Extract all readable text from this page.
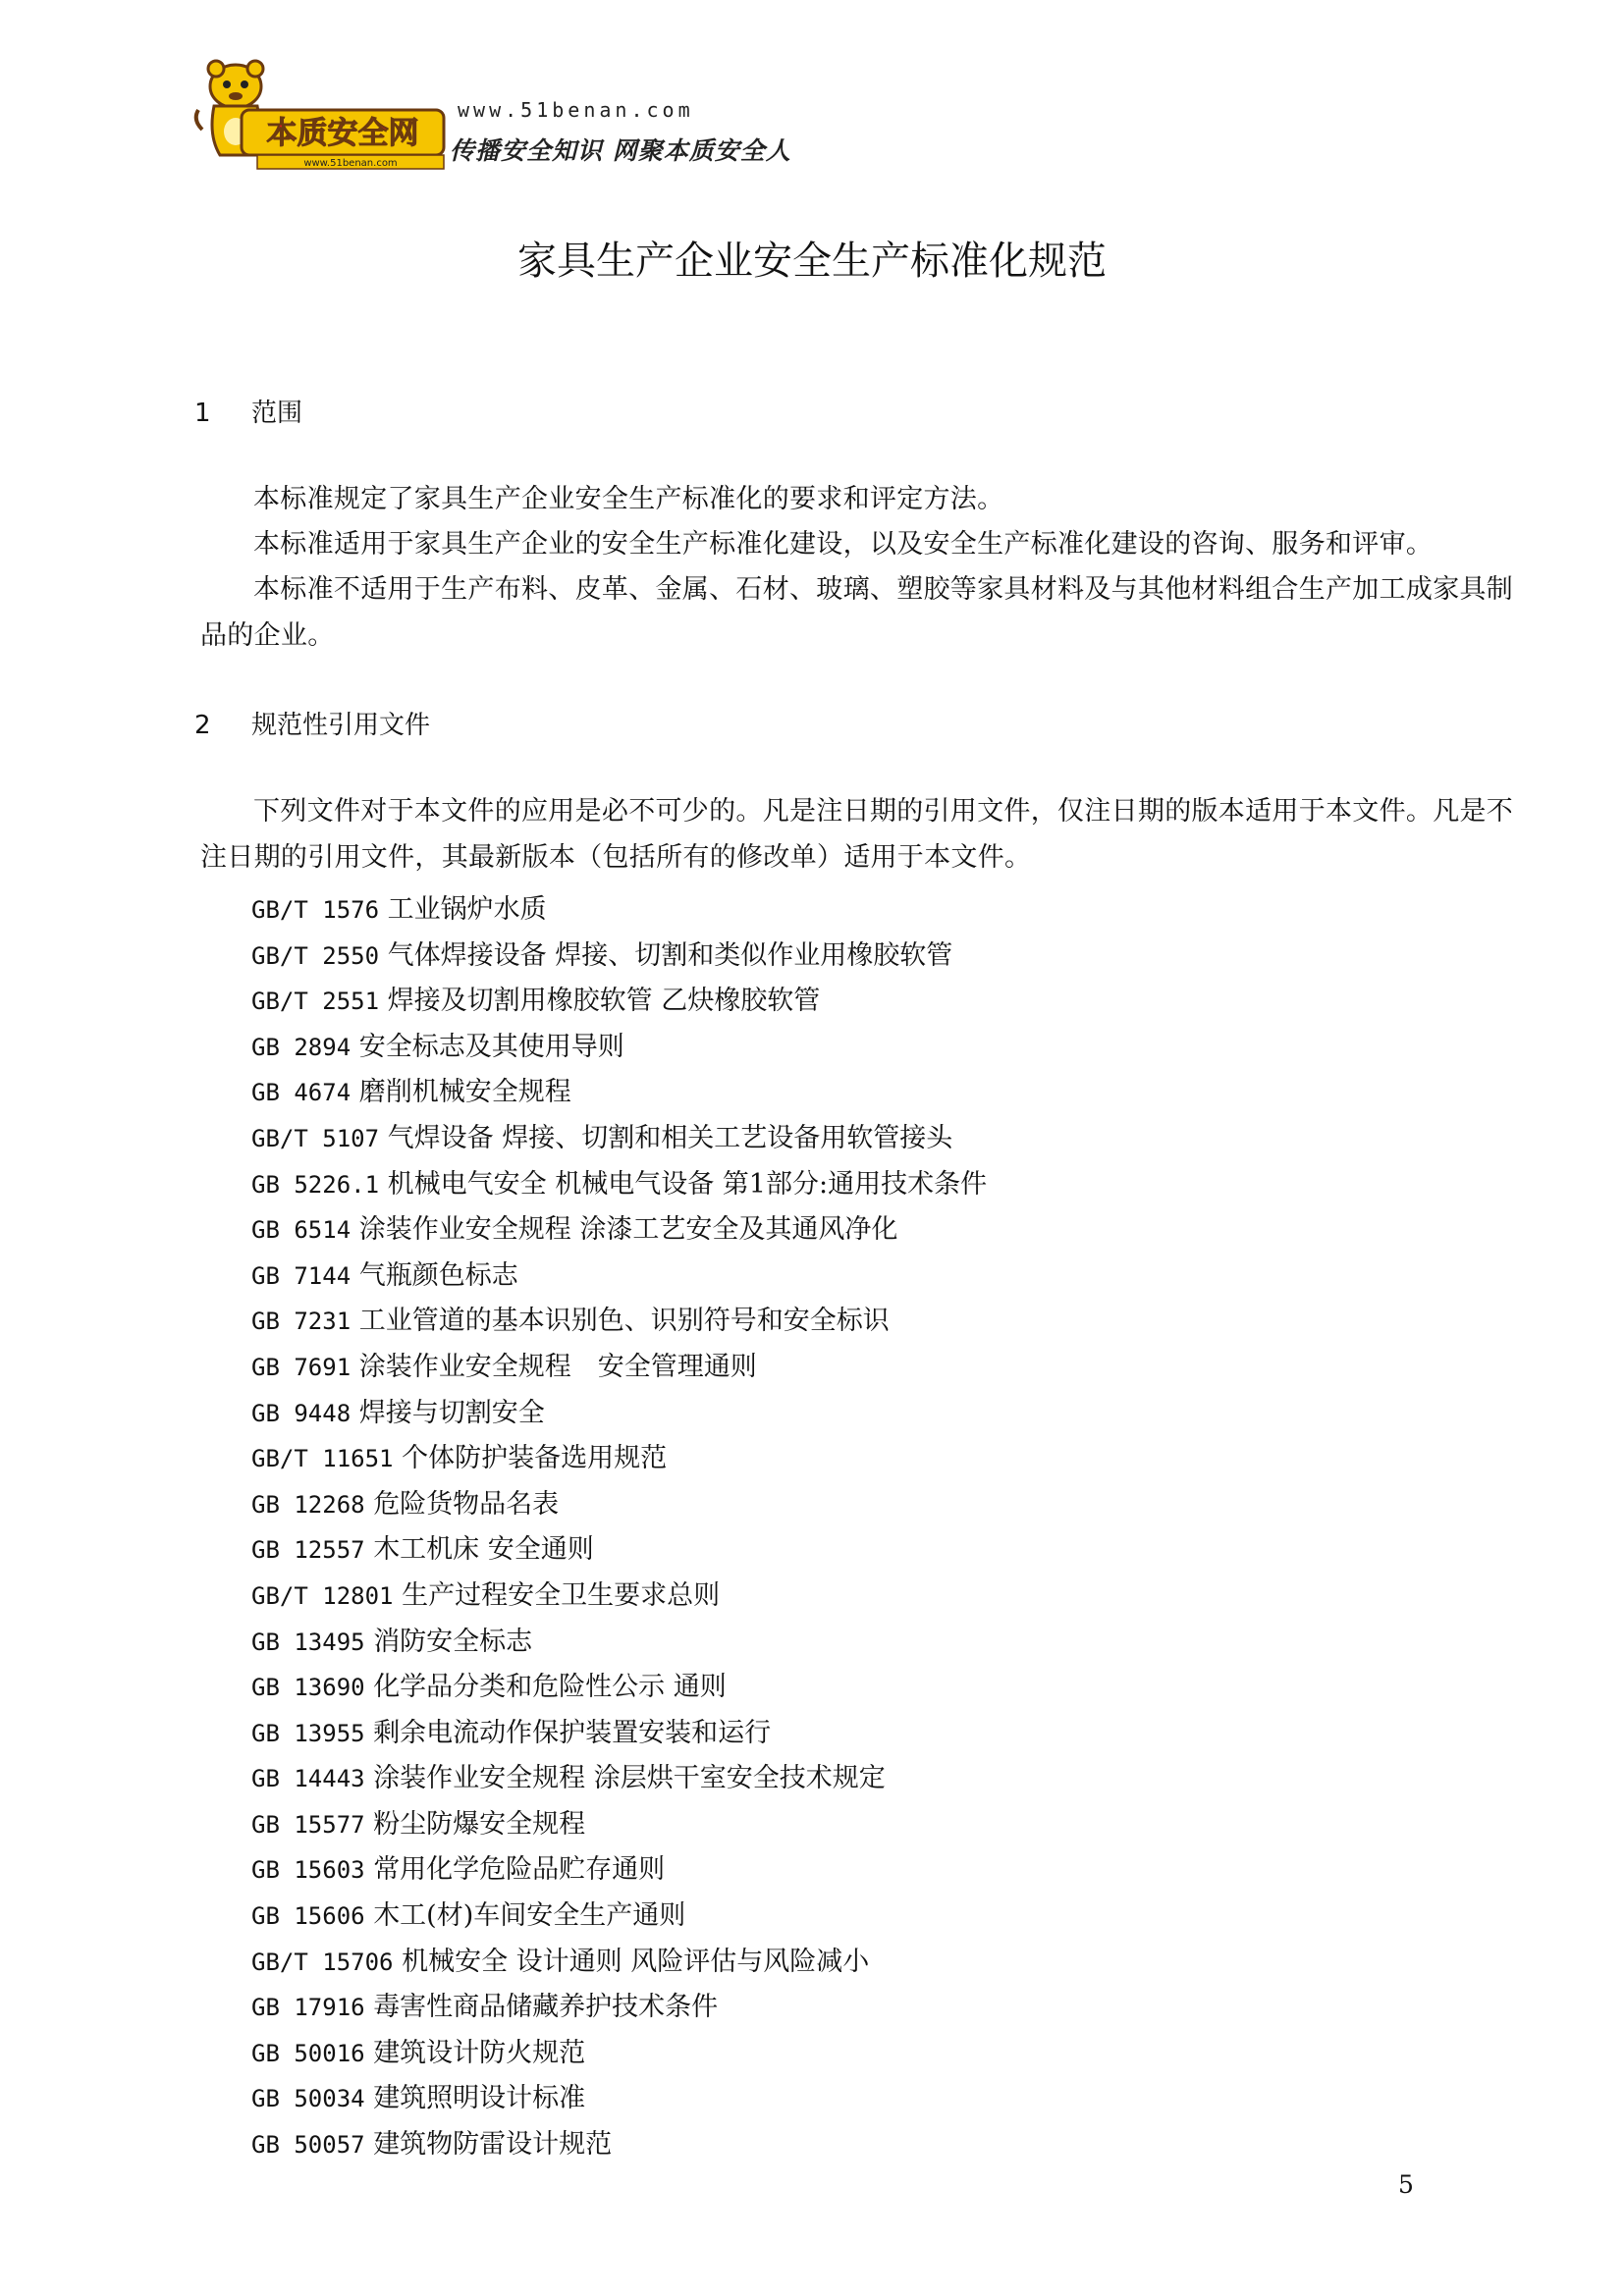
本质安全网
www.51benan.com
www.51benan.com
传播安全知识 网聚本质安全人
家具生产企业安全生产标准化规范
1 范围

本标准规定了家具生产企业安全生产标准化的要求和评定方法。

本标准适用于家具生产企业的安全生产标准化建设，以及安全生产标准化建设的咨询、服务和评审。

本标准不适用于生产布料、皮革、金属、石材、玻璃、塑胶等家具材料及与其他材料组合生产加工成家具制品的企业。

2 规范性引用文件

下列文件对于本文件的应用是必不可少的。凡是注日期的引用文件，仅注日期的版本适用于本文件。凡是不注日期的引用文件，其最新版本（包括所有的修改单）适用于本文件。

GB/T 1576 工业锅炉水质
GB/T 2550 气体焊接设备 焊接、切割和类似作业用橡胶软管
GB/T 2551 焊接及切割用橡胶软管 乙炔橡胶软管
GB 2894 安全标志及其使用导则
GB 4674 磨削机械安全规程
GB/T 5107 气焊设备 焊接、切割和相关工艺设备用软管接头
GB 5226.1 机械电气安全 机械电气设备 第1部分:通用技术条件
GB 6514 涂装作业安全规程 涂漆工艺安全及其通风净化
GB 7144 气瓶颜色标志
GB 7231 工业管道的基本识别色、识别符号和安全标识
GB 7691 涂装作业安全规程　安全管理通则
GB 9448 焊接与切割安全
GB/T 11651 个体防护装备选用规范
GB 12268 危险货物品名表
GB 12557 木工机床 安全通则
GB/T 12801 生产过程安全卫生要求总则
GB 13495 消防安全标志
GB 13690 化学品分类和危险性公示 通则
GB 13955 剩余电流动作保护装置安装和运行
GB 14443 涂装作业安全规程 涂层烘干室安全技术规定
GB 15577 粉尘防爆安全规程
GB 15603 常用化学危险品贮存通则
GB 15606 木工(材)车间安全生产通则
GB/T 15706 机械安全 设计通则 风险评估与风险减小
GB 17916 毒害性商品储藏养护技术条件
GB 50016 建筑设计防火规范
GB 50034 建筑照明设计标准
GB 50057 建筑物防雷设计规范
5
